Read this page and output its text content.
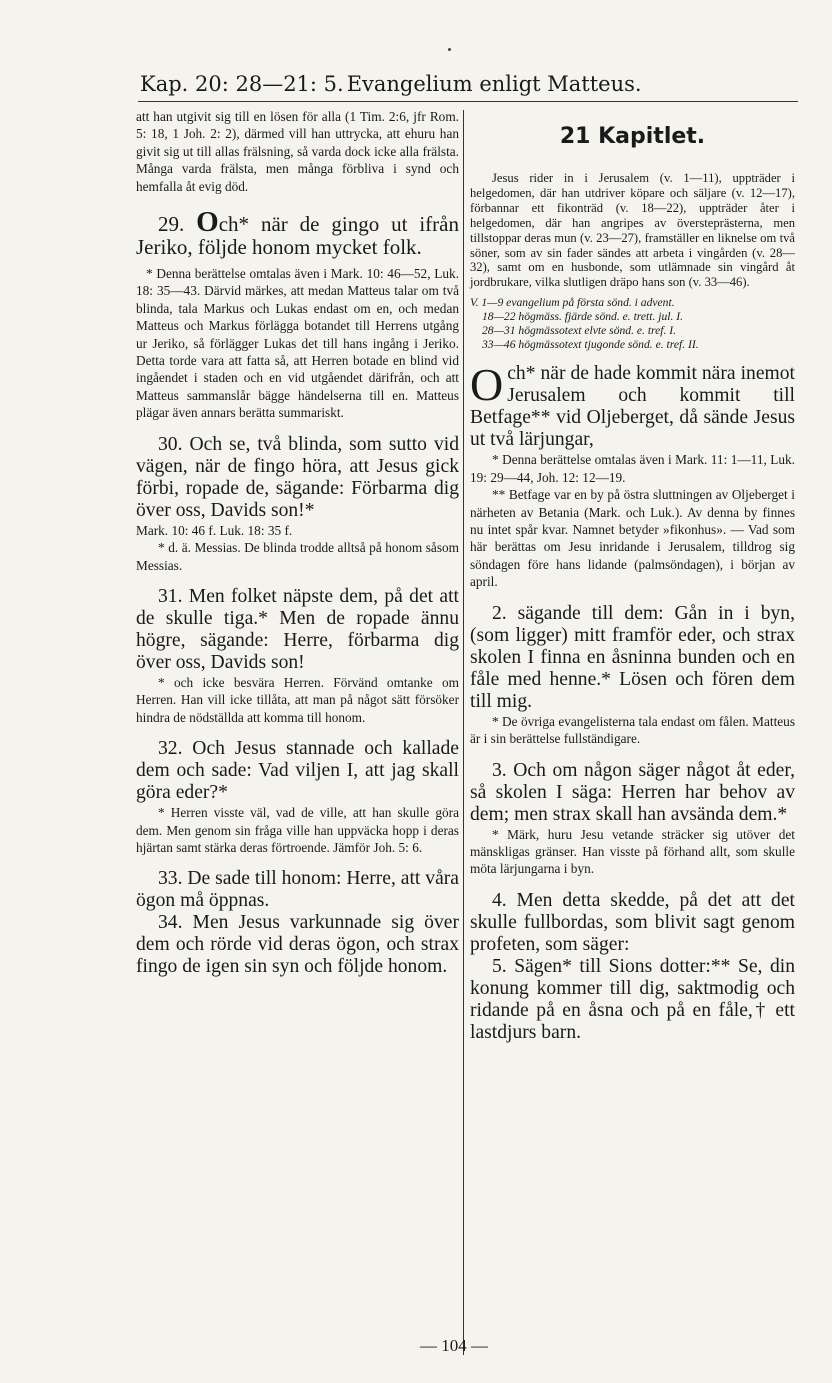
Kap. 20: 28—21: 5. Evangelium enligt Matteus.

att han utgivit sig till en lösen för alla (1 Tim. 2:6, jfr Rom. 5: 18, 1 Joh. 2: 2), därmed vill han uttrycka, att ehuru han givit sig ut till allas frälsning, så varda dock icke alla frälsta. Många varda frälsta, men många förbliva i synd och hemfalla åt evig död.

29. Och* när de gingo ut ifrån Jeriko, följde honom mycket folk.

* Denna berättelse omtalas även i Mark. 10: 46—52, Luk. 18: 35—43. Därvid märkes, att medan Matteus talar om två blinda, tala Markus och Lukas endast om en, och medan Matteus och Markus förlägga botandet till Herrens utgång ur Jeriko, så förlägger Lukas det till hans ingång i Jeriko. Detta torde vara att fatta så, att Herren botade en blind vid ingåendet i staden och en vid utgåendet därifrån, och att Matteus sammanslår bägge händelserna till en. Matteus plägar även annars berätta summariskt.

30. Och se, två blinda, som sutto vid vägen, när de fingo höra, att Jesus gick förbi, ropade de, sägande: Förbarma dig över oss, Davids son!*

Mark. 10: 46 f. Luk. 18: 35 f.

* d. ä. Messias. De blinda trodde alltså på honom såsom Messias.

31. Men folket näpste dem, på det att de skulle tiga.* Men de ropade ännu högre, sägande: Herre, förbarma dig över oss, Davids son!

* och icke besvära Herren. Förvänd omtanke om Herren. Han vill icke tillåta, att man på något sätt försöker hindra de nödställda att komma till honom.

32. Och Jesus stannade och kallade dem och sade: Vad viljen I, att jag skall göra eder?*

* Herren visste väl, vad de ville, att han skulle göra dem. Men genom sin fråga ville han uppväcka hopp i deras hjärtan samt stärka deras förtroende. Jämför Joh. 5: 6.

33. De sade till honom: Herre, att våra ögon må öppnas.

34. Men Jesus varkunnade sig över dem och rörde vid deras ögon, och strax fingo de igen sin syn och följde honom.

21 Kapitlet.

Jesus rider in i Jerusalem (v. 1—11), uppträder i helgedomen, där han utdriver köpare och säljare (v. 12—17), förbannar ett fikonträd (v. 18—22), uppträder åter i helgedomen, där han angripes av översteprästerna, men tillstoppar deras mun (v. 23—27), framställer en liknelse om två söner, som av sin fader sändes att arbeta i vingården (v. 28—32), samt om en husbonde, som utlämnade sin vingård åt jordbrukare, vilka slutligen dräpo hans son (v. 33—46).

V. 1—9 evangelium på första sönd. i advent.

18—22 högmäss. fjärde sönd. e. trett. jul. I.

28—31 högmässotext elvte sönd. e. tref. I.

33—46 högmässotext tjugonde sönd. e. tref. II.

Och* när de hade kommit nära inemot Jerusalem och kommit till Betfage** vid Oljeberget, då sände Jesus ut två lärjungar,

* Denna berättelse omtalas även i Mark. 11: 1—11, Luk. 19: 29—44, Joh. 12: 12—19.

** Betfage var en by på östra sluttningen av Oljeberget i närheten av Betania (Mark. och Luk.). Av denna by finnes nu intet spår kvar. Namnet betyder »fikonhus». — Vad som här berättas om Jesu inridande i Jerusalem, tilldrog sig söndagen före hans lidande (palmsöndagen), i början av april.

2. sägande till dem: Gån in i byn, (som ligger) mitt framför eder, och strax skolen I finna en åsninna bunden och en fåle med henne.* Lösen och fören dem till mig.

* De övriga evangelisterna tala endast om fålen. Matteus är i sin berättelse fullständigare.

3. Och om någon säger något åt eder, så skolen I säga: Herren har behov av dem; men strax skall han avsända dem.*

* Märk, huru Jesu vetande sträcker sig utöver det mänskligas gränser. Han visste på förhand allt, som skulle möta lärjungarna i byn.

4. Men detta skedde, på det att det skulle fullbordas, som blivit sagt genom profeten, som säger:

5. Sägen* till Sions dotter:** Se, din konung kommer till dig, saktmodig och ridande på en åsna och på en fåle,† ett lastdjurs barn.

— 104 —
